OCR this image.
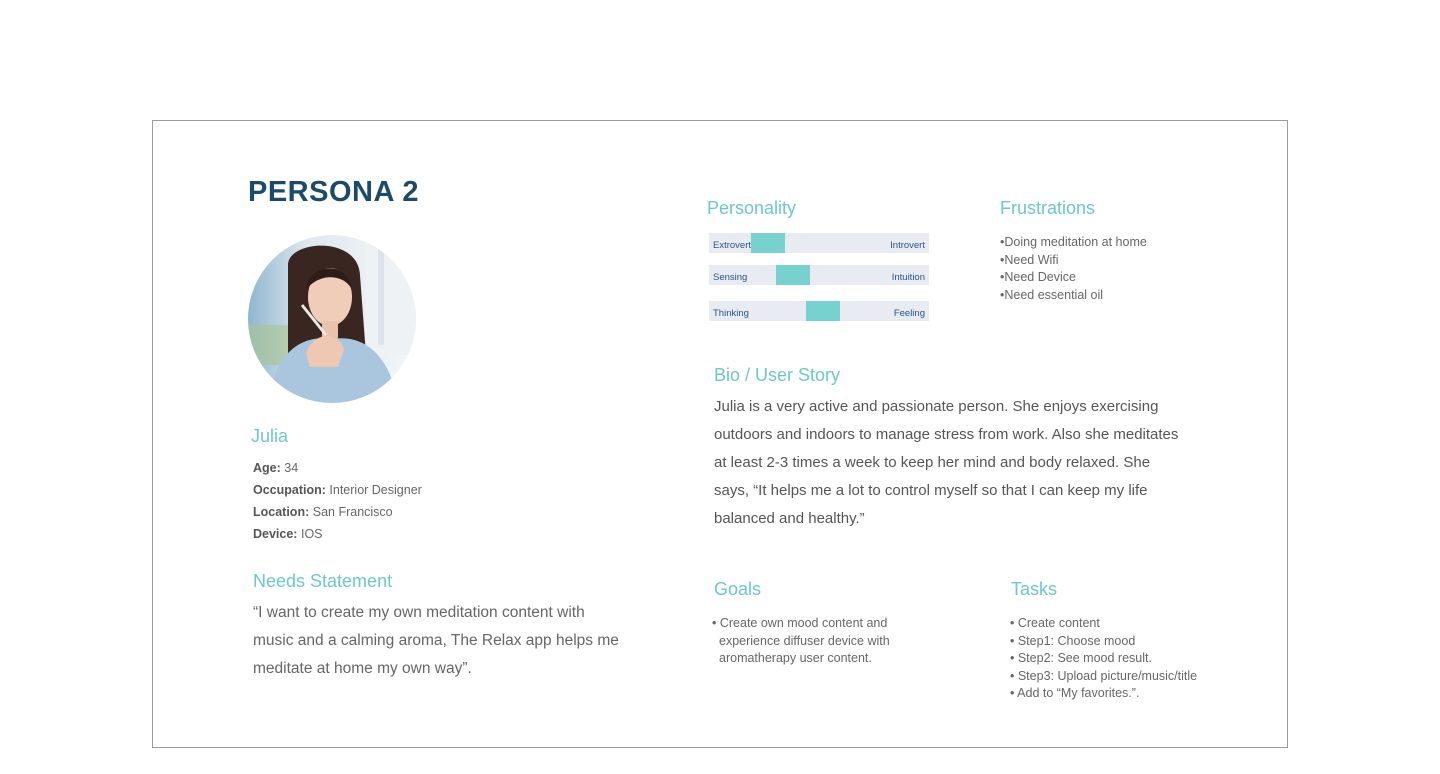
PERSONA 2
Julia
Age: 34
Occupation: Interior Designer
Location: San Francisco
Device: IOS
Needs Statement
“I want to create my own meditation content with music and a calming aroma, The Relax app helps me meditate at home my own way”.
Personality
Extrovert	Introvert
Sensing	Intuition
Thinking	Feeling
Frustrations
•Doing meditation at home
•Need Wifi
•Need Device
•Need essential oil
Bio / User Story
Julia is a very active and passionate person. She enjoys exercising outdoors and indoors to manage stress from work. Also she meditates at least 2-3 times a week to keep her mind and body relaxed. She says, “It helps me a lot to control myself so that I can keep my life balanced and healthy.”
Goals
• Create own mood content and experience diffuser device with aromatherapy user content.
Tasks
• Create content
• Step1: Choose mood
• Step2: See mood result.
• Step3: Upload picture/music/title
• Add to “My favorites.”.
